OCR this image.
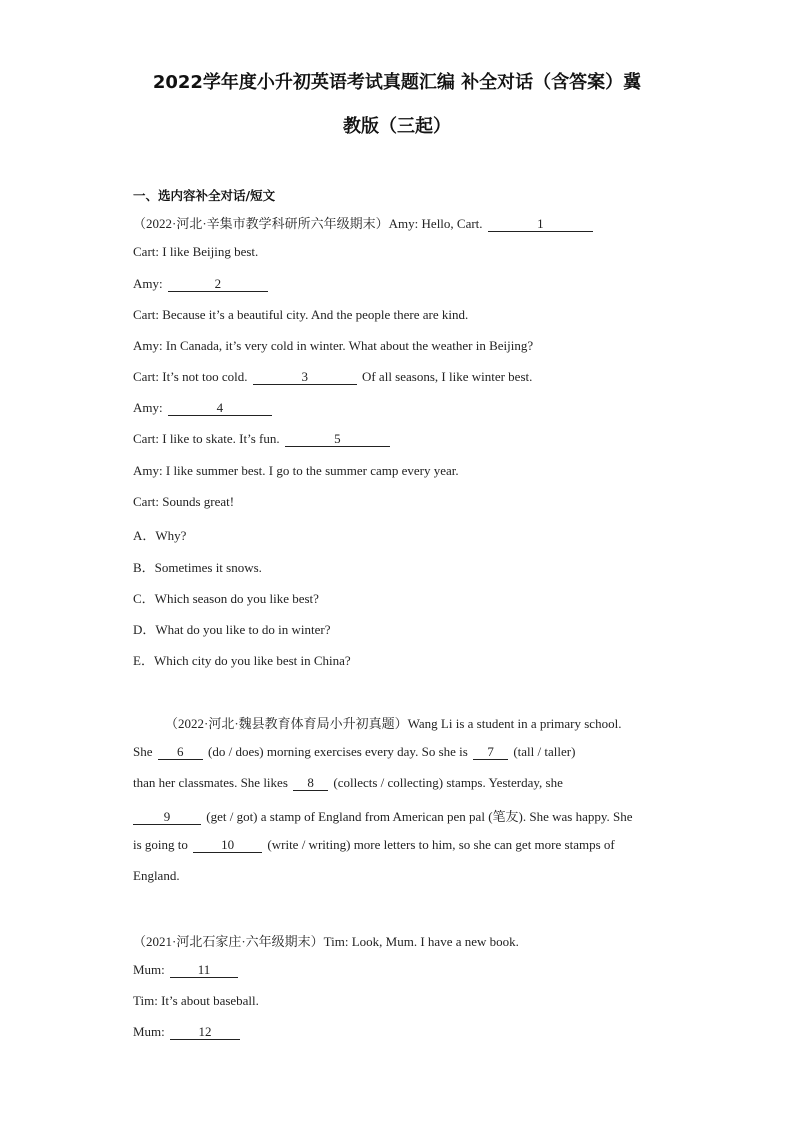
2022学年度小升初英语考试真题汇编 补全对话（含答案）冀
教版（三起）
一、选内容补全对话/短文
（2022·河北·辛集市教学科研所六年级期末）Amy: Hello, Cart.	1
Cart: I like Beijing best.
Amy:	2
Cart: Because it’s a beautiful city. And the people there are kind.
Amy: In Canada, it’s very cold in winter. What about the weather in Beijing?
Cart: It’s not too cold.	3	Of all seasons, I like winter best.
Amy:	4
Cart: I like to skate. It’s fun.	5
Amy: I like summer best. I go to the summer camp every year.
Cart: Sounds great!
A．Why?
B．Sometimes it snows.
C．Which season do you like best?
D．What do you like to do in winter?
E．Which city do you like best in China?
（2022·河北·魏县教育体育局小升初真题）Wang Li is a student in a primary school.
She 6 (do / does) morning exercises every day. So she is 7 (tall / taller)
than her classmates. She likes 8 (collects / collecting) stamps. Yesterday, she
9	(get / got) a stamp of England from American pen pal (笔友). She was happy. She
is going to 10 (write / writing) more letters to him, so she can get more stamps of
England.
（2021·河北石家庄·六年级期末）Tim: Look, Mum. I have a new book.
Mum: 11
Tim: It’s about baseball.
Mum: 12
